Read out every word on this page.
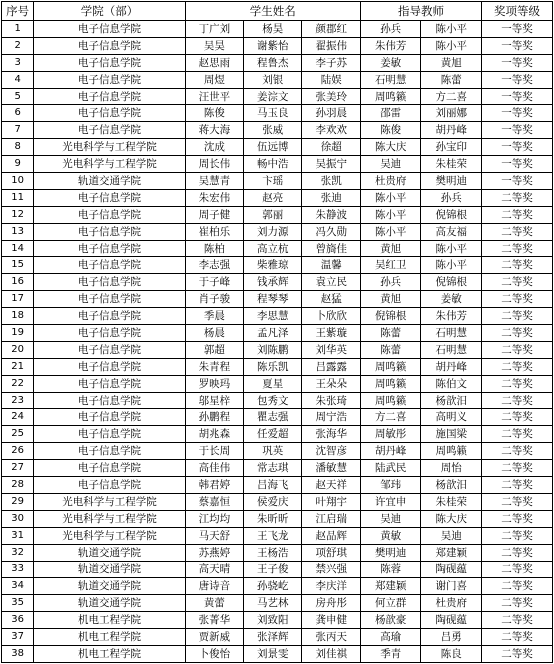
序号	学院（部）	学生姓名			指导教师		奖项等级
1	电子信息学院	丁广刘	杨昊	颜郡红	孙兵	陈小平	一等奖
2	电子信息学院	吴昊	谢紫怡	翟振伟	朱伟芳	陈小平	一等奖
3	电子信息学院	赵思雨	程鲁杰	李子苏	姜敏	黄旭	一等奖
4	电子信息学院	周煜	刘银	陆娱	石明慧	陈蕾	一等奖
5	电子信息学院	汪世平	姜淙文	张美玲	周鸣籁	方二喜	一等奖
6	电子信息学院	陈俊	马玉良	孙羽晨	邵雷	刘丽娜	一等奖
7	电子信息学院	蒋大海	张威	李欢欢	陈俊	胡丹峰	一等奖
8	光电科学与工程学院	沈成	伍远博	徐超	陈大庆	孙宝印	一等奖
9	光电科学与工程学院	周长伟	畅中浩	吴振宁	吴迪	朱桂荣	一等奖
10	轨道交通学院	吴慧青	卞瑶	张凯	杜贵府	樊明迪	一等奖
11	电子信息学院	朱宏伟	赵亮	张迪	陈小平	孙兵	二等奖
12	电子信息学院	周子健	郭丽	朱静波	陈小平	倪锦根	二等奖
13	电子信息学院	崔柏乐	刘力源	冯久勋	陈小平	高友福	二等奖
14	电子信息学院	陈柏	高立杭	曾旖佳	黄旭	陈小平	二等奖
15	电子信息学院	李志强	柴雅琼	温馨	吴红卫	陈小平	二等奖
16	电子信息学院	于子峰	钱承辉	袁立民	孙兵	倪锦根	二等奖
17	电子信息学院	肖子骏	程琴琴	赵猛	黄旭	姜敏	二等奖
18	电子信息学院	季晨	李思慧	卜欣欣	倪锦根	朱伟芳	二等奖
19	电子信息学院	杨晨	孟凡泽	王紫璇	陈蕾	石明慧	二等奖
20	电子信息学院	郭超	刘陈鹏	刘华英	陈蕾	石明慧	二等奖
21	电子信息学院	朱青程	陈乐凯	吕露露	周鸣籁	胡丹峰	二等奖
22	电子信息学院	罗映玛	夏星	王朵朵	周鸣籁	陈伯文	二等奖
23	电子信息学院	邬星梓	包秀文	朱张琦	周鸣籁	杨歆汨	二等奖
24	电子信息学院	孙鹏程	瞿志强	周宁浩	方二喜	高明义	二等奖
25	电子信息学院	胡兆森	任爱超	张海华	周敏彤	施国梁	二等奖
26	电子信息学院	于长周	巩英	沈智彦	胡丹峰	周鸣籁	二等奖
27	电子信息学院	高佳伟	常志琪	潘敏慧	陆武民	周怡	二等奖
28	电子信息学院	韩君婷	吕海飞	赵天祥	邹玮	杨歆汨	二等奖
29	光电科学与工程学院	蔡嘉恒	侯爱庆	叶翔宇	许宜申	朱桂荣	二等奖
30	光电科学与工程学院	江均均	朱昕昕	江启瑞	吴迪	陈大庆	二等奖
31	光电科学与工程学院	马天舒	王飞龙	赵品辉	黄敏	吴迪	二等奖
32	轨道交通学院	苏燕婷	王杨浩	项舒琪	樊明迪	郑建颖	二等奖
33	轨道交通学院	高天晴	王子俊	禁兴强	陈蓉	陶砚蕴	二等奖
34	轨道交通学院	唐诗音	孙骁屹	李庆洋	郑建颖	谢门喜	二等奖
35	轨道交通学院	黄蕾	马艺林	房舟彤	何立群	杜贵府	二等奖
36	机电工程学院	张菁华	刘致阳	龚申健	杨歆豪	陶砚蕴	二等奖
37	机电工程学院	贾新威	张泽辉	张丙天	高瑜	吕勇	二等奖
38	机电工程学院	卜俊怡	刘景雯	刘佳祺	季青	陈良	二等奖
